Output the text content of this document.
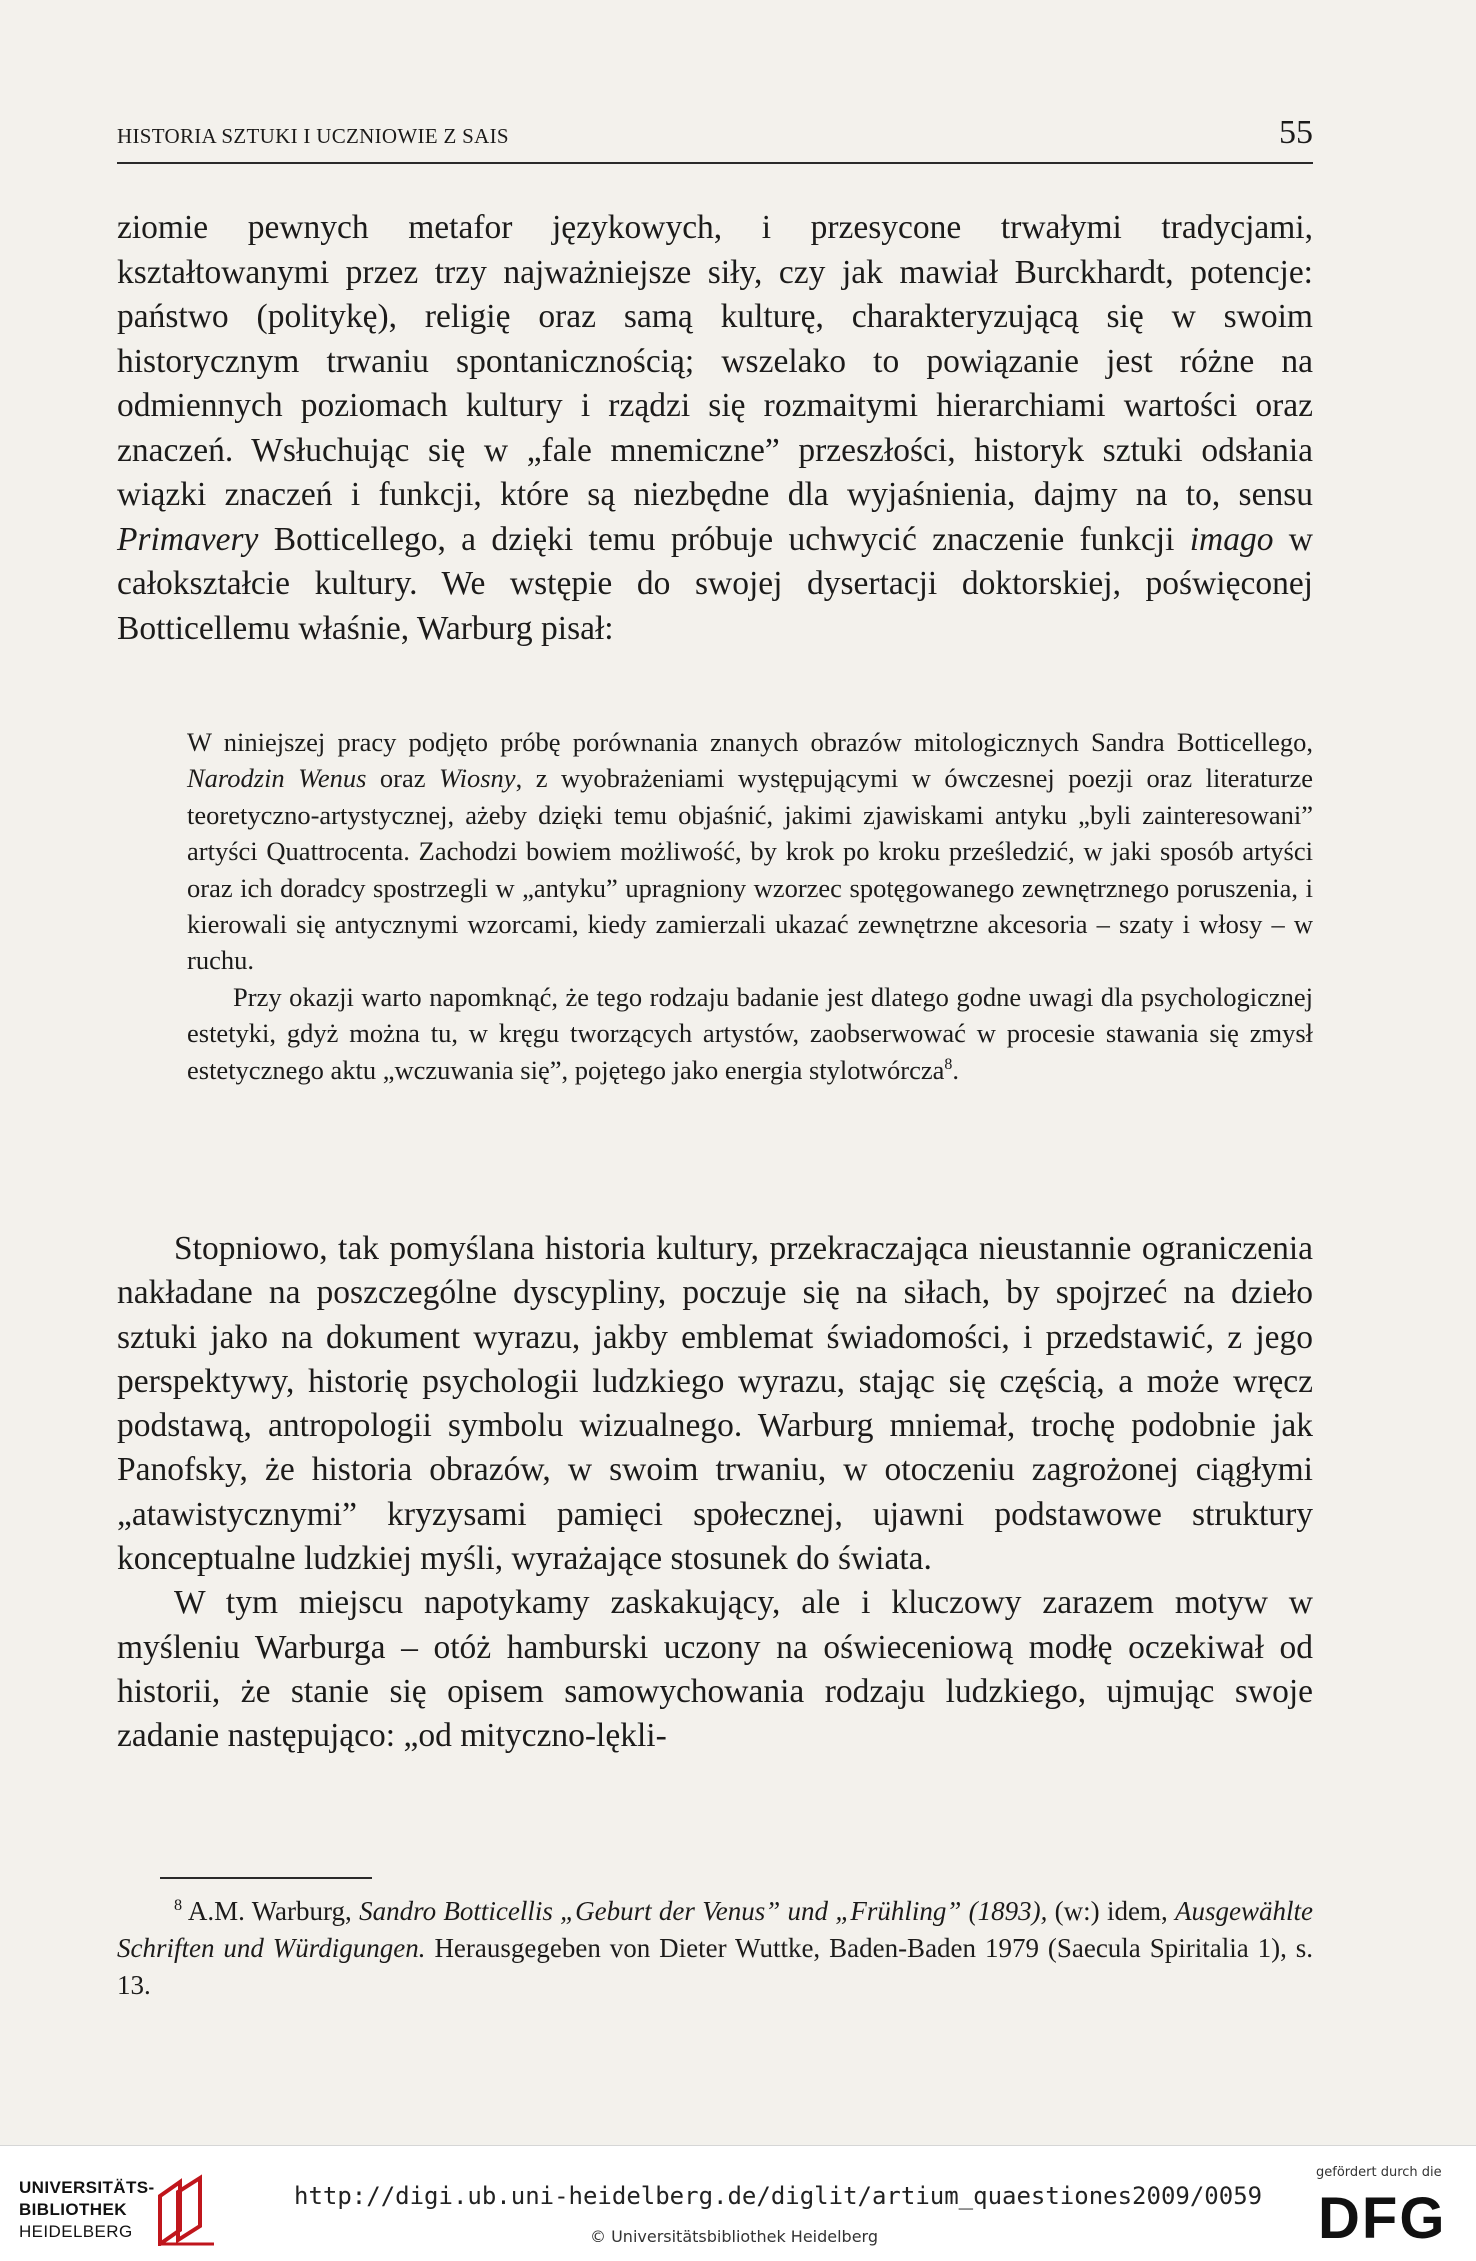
HISTORIA SZTUKI I UCZNIOWIE Z SAIS	55

ziomie pewnych metafor językowych, i przesycone trwałymi tradycjami, kształtowanymi przez trzy najważniejsze siły, czy jak mawiał Burckhardt, potencje: państwo (politykę), religię oraz samą kulturę, charakteryzującą się w swoim historycznym trwaniu spontanicznością; wszelako to powiązanie jest różne na odmiennych poziomach kultury i rządzi się rozmaitymi hierarchiami wartości oraz znaczeń. Wsłuchując się w „fale mnemiczne” przeszłości, historyk sztuki odsłania wiązki znaczeń i funkcji, które są niezbędne dla wyjaśnienia, dajmy na to, sensu Primavery Botticellego, a dzięki temu próbuje uchwycić znaczenie funkcji imago w całokształcie kultury. We wstępie do swojej dysertacji doktorskiej, poświęconej Botticellemu właśnie, Warburg pisał:

W niniejszej pracy podjęto próbę porównania znanych obrazów mitologicznych Sandra Botticellego, Narodzin Wenus oraz Wiosny, z wyobrażeniami występującymi w ówczesnej poezji oraz literaturze teoretyczno-artystycznej, ażeby dzięki temu objaśnić, jakimi zjawiskami antyku „byli zainteresowani” artyści Quattrocenta. Zachodzi bowiem możliwość, by krok po kroku prześledzić, w jaki sposób artyści oraz ich doradcy spostrzegli w „antyku” upragniony wzorzec spotęgowanego zewnętrznego poruszenia, i kierowali się antycznymi wzorcami, kiedy zamierzali ukazać zewnętrzne akcesoria – szaty i włosy – w ruchu.

Przy okazji warto napomknąć, że tego rodzaju badanie jest dlatego godne uwagi dla psychologicznej estetyki, gdyż można tu, w kręgu tworzących artystów, zaobserwować w procesie stawania się zmysł estetycznego aktu „wczuwania się”, pojętego jako energia stylotwórcza$^8$.

Stopniowo, tak pomyślana historia kultury, przekraczająca nieustannie ograniczenia nakładane na poszczególne dyscypliny, poczuje się na siłach, by spojrzeć na dzieło sztuki jako na dokument wyrazu, jakby emblemat świadomości, i przedstawić, z jego perspektywy, historię psychologii ludzkiego wyrazu, stając się częścią, a może wręcz podstawą, antropologii symbolu wizualnego. Warburg mniemał, trochę podobnie jak Panofsky, że historia obrazów, w swoim trwaniu, w otoczeniu zagrożonej ciągłymi „atawistycznymi” kryzysami pamięci społecznej, ujawni podstawowe struktury konceptualne ludzkiej myśli, wyrażające stosunek do świata.

W tym miejscu napotykamy zaskakujący, ale i kluczowy zarazem motyw w myśleniu Warburga – otóż hamburski uczony na oświeceniową modłę oczekiwał od historii, że stanie się opisem samowychowania rodzaju ludzkiego, ujmując swoje zadanie następująco: „od mityczno-lękli-

$^8$ A.M. Warburg, Sandro Botticellis „Geburt der Venus” und „Frühling” (1893), (w:) idem, Ausgewählte Schriften und Würdigungen. Herausgegeben von Dieter Wuttke, Baden-Baden 1979 (Saecula Spiritalia 1), s. 13.

UNIVERSITÄTS-
BIBLIOTHEK
HEIDELBERG
http://digi.ub.uni-heidelberg.de/diglit/artium_quaestiones2009/0059
© Universitätsbibliothek Heidelberg
gefördert durch die
DFG
